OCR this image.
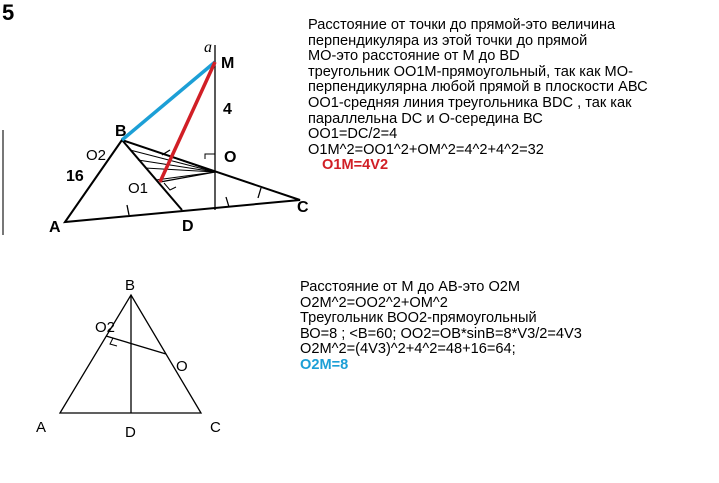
5
a
M
4
B
O2	O
16
O1
C
A	D
B
O2
O
A	D	C
Расстояние от точки до прямой-это величина
перпендикуляра из этой точки до прямой
МО-это расстояние от М до BD
треугольник ОО1М-прямоугольный, так как МО-
перпендикулярна любой прямой в плоскости АВС
ОО1-средняя линия треугольника BDC , так как
параллельна DC и О-середина ВС
ОО1=DC/2=4
О1М^2=OO1^2+OM^2=4^2+4^2=32
O1M=4V2
Расстояние от М до АВ-это О2М
O2M^2=OO2^2+OM^2
Треугольник ВОО2-прямоугольный
ВО=8 ; <В=60; OO2=OB*sinB=8*V3/2=4V3
O2M^2=(4V3)^2+4^2=48+16=64;
O2M=8
